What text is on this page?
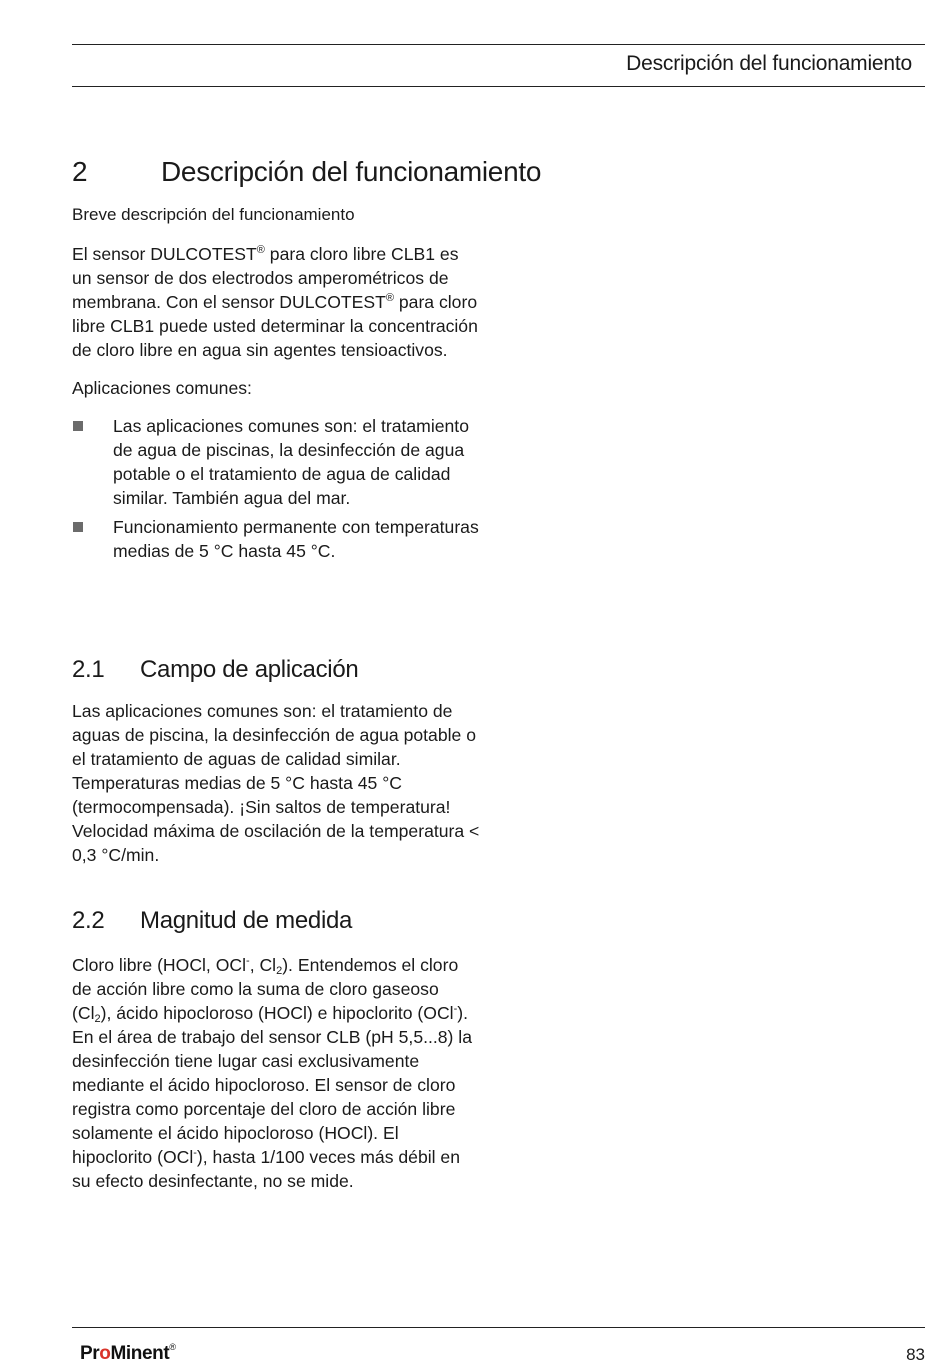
Descripción del funcionamiento
2	Descripción del funcionamiento
Breve descripción del funcionamiento

El sensor DULCOTEST® para cloro libre CLB1 es un sensor de dos electrodos amperométricos de membrana. Con el sensor DULCOTEST® para cloro libre CLB1 puede usted determinar la concentración de cloro libre en agua sin agentes tensioactivos.

Aplicaciones comunes:

Las aplicaciones comunes son: el tratamiento de agua de piscinas, la desinfección de agua potable o el tratamiento de agua de calidad similar. También agua del mar.
Funcionamiento permanente con temperaturas medias de 5 °C hasta 45 °C.
2.1 Campo de aplicación

Las aplicaciones comunes son: el tratamiento de aguas de piscina, la desinfección de agua potable o el tratamiento de aguas de calidad similar. Temperaturas medias de 5 °C hasta 45 °C (termocompensada). ¡Sin saltos de temperatura! Velocidad máxima de oscilación de la temperatura < 0,3 °C/min.

2.2 Magnitud de medida

Cloro libre (HOCl, OCl-, $Cl_2$). Entendemos el cloro de acción libre como la suma de cloro gaseoso $(Cl_2)$, ácido hipocloroso (HOCl) e hipoclorito (OCl-). En el área de trabajo del sensor CLB (pH 5,5...8) la desinfección tiene lugar casi exclusivamente mediante el ácido hipocloroso. El sensor de cloro registra como porcentaje del cloro de acción libre solamente el ácido hipocloroso (HOCl). El hipoclorito (OCl-), hasta 1/100 veces más débil en su efecto desinfectante, no se mide.

ProMinent®	83
